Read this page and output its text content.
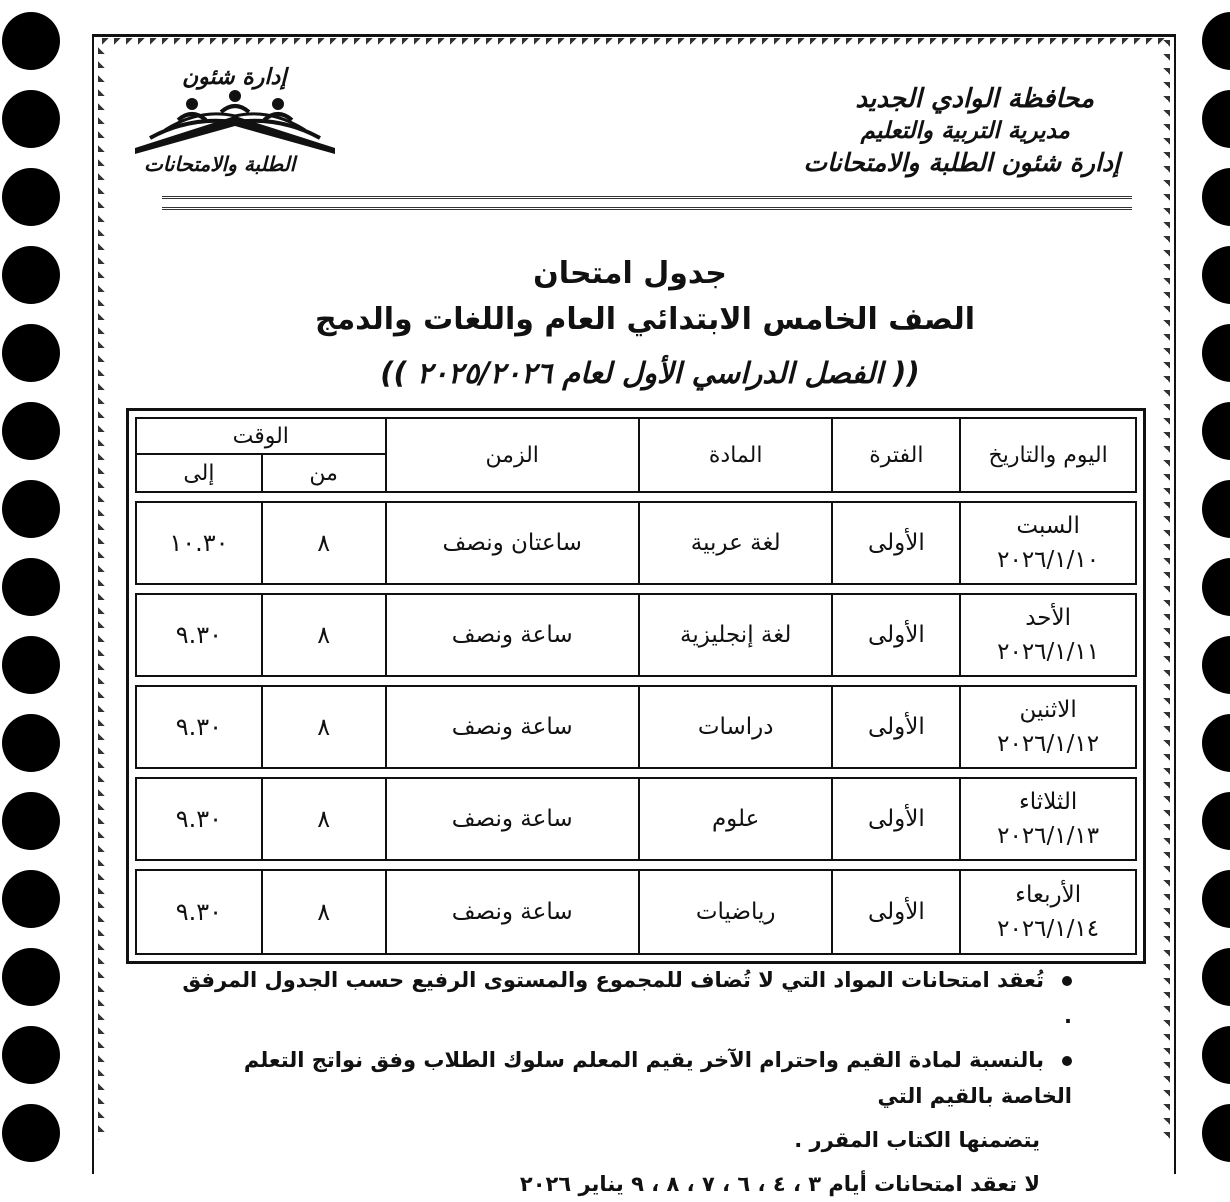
محافظة الوادي الجديد
مديرية التربية والتعليم
إدارة شئون الطلبة والامتحانات
إدارة شئون
الطلبة والامتحانات
جدول امتحان
الصف الخامس الابتدائي العام واللغات والدمج
(( الفصل الدراسي الأول لعام ٢٠٢٥/٢٠٢٦ ))
اليوم والتاريخ	الفترة	المادة	الزمن	الوقت	
				من	إلى

السبت
٢٠٢٦/١/١٠	الأولى	لغة عربية	ساعتان ونصف	٨	١٠.٣٠

الأحد
٢٠٢٦/١/١١	الأولى	لغة إنجليزية	ساعة ونصف	٨	٩.٣٠

الاثنين
٢٠٢٦/١/١٢	الأولى	دراسات	ساعة ونصف	٨	٩.٣٠

الثلاثاء
٢٠٢٦/١/١٣	الأولى	علوم	ساعة ونصف	٨	٩.٣٠

الأربعاء
٢٠٢٦/١/١٤	الأولى	رياضيات	ساعة ونصف	٨	٩.٣٠
تُعقد امتحانات المواد التي لا تُضاف للمجموع والمستوى الرفيع حسب الجدول المرفق .
بالنسبة لمادة القيم واحترام الآخر يقيم المعلم سلوك الطلاب وفق نواتج التعلم الخاصة بالقيم التي
يتضمنها الكتاب المقرر .
لا تعقد امتحانات أيام ٣ ، ٤ ، ٦ ، ٧ ، ٨ ، ٩ يناير ٢٠٢٦
